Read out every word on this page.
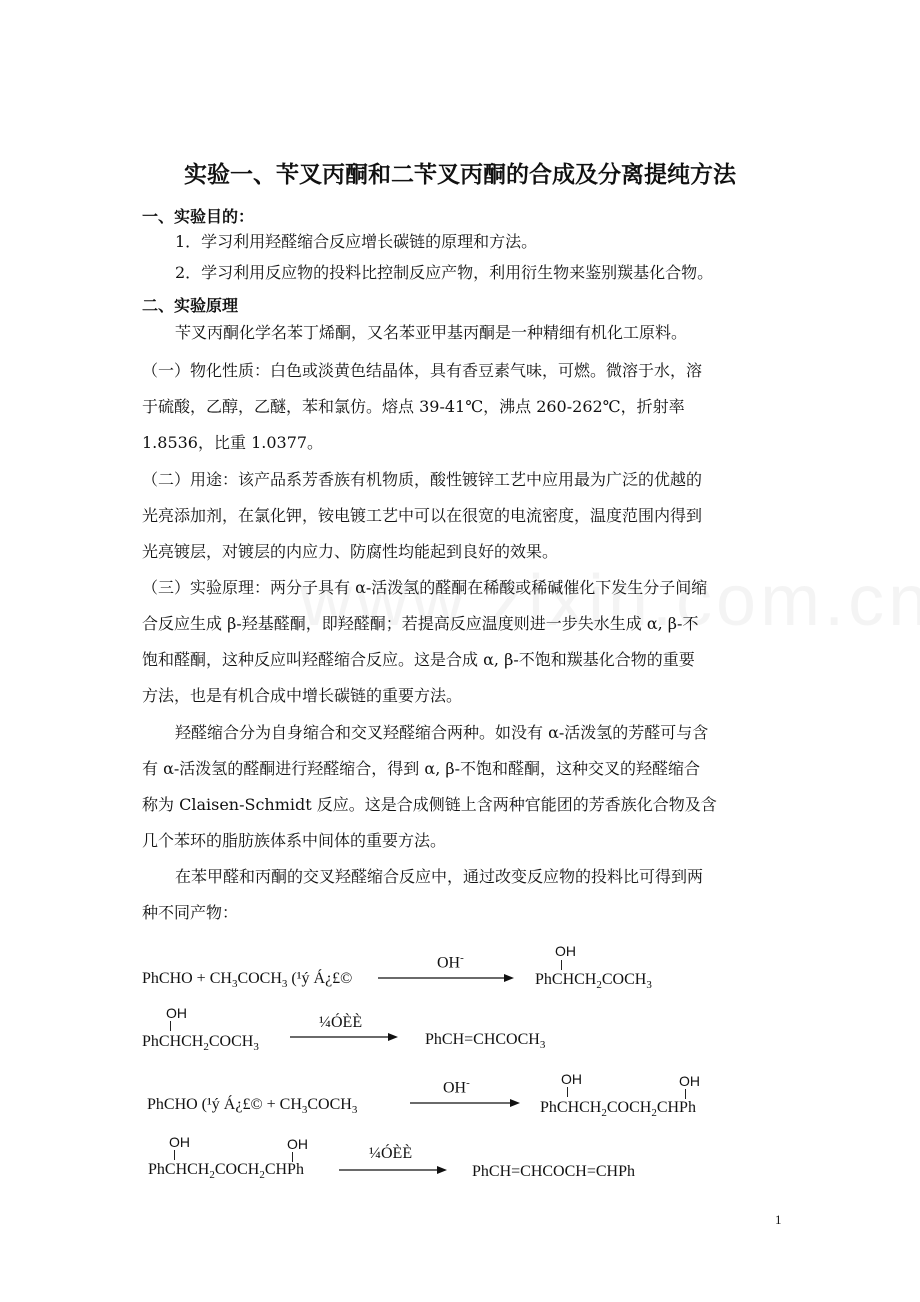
实验一、苄叉丙酮和二苄叉丙酮的合成及分离提纯方法
一、实验目的：
1．学习利用羟醛缩合反应增长碳链的原理和方法。
2．学习利用反应物的投料比控制反应产物，利用衍生物来鉴别羰基化合物。
二、实验原理
苄叉丙酮化学名苯丁烯酮，又名苯亚甲基丙酮是一种精细有机化工原料。
（一）物化性质：白色或淡黄色结晶体，具有香豆素气味，可燃。微溶于水，溶
于硫酸，乙醇，乙醚，苯和氯仿。熔点 39-41℃，沸点 260-262℃，折射率
1.8536，比重 1.0377。
（二）用途：该产品系芳香族有机物质，酸性镀锌工艺中应用最为广泛的优越的
光亮添加剂，在氯化钾，铵电镀工艺中可以在很宽的电流密度，温度范围内得到
光亮镀层，对镀层的内应力、防腐性均能起到良好的效果。
（三）实验原理：两分子具有 α-活泼氢的醛酮在稀酸或稀碱催化下发生分子间缩
合反应生成 β-羟基醛酮，即羟醛酮；若提高反应温度则进一步失水生成 α, β-不
饱和醛酮，这种反应叫羟醛缩合反应。这是合成 α, β-不饱和羰基化合物的重要
方法，也是有机合成中增长碳链的重要方法。
羟醛缩合分为自身缩合和交叉羟醛缩合两种。如没有 α-活泼氢的芳醛可与含
有 α-活泼氢的醛酮进行羟醛缩合，得到 α, β-不饱和醛酮，这种交叉的羟醛缩合
称为 Claisen-Schmidt 反应。这是合成侧链上含两种官能团的芳香族化合物及含
几个苯环的脂肪族体系中间体的重要方法。
在苯甲醛和丙酮的交叉羟醛缩合反应中，通过改变反应物的投料比可得到两
种不同产物：
PhCHO + $CH_3COCH_3$ (¹ý Á¿£©
OH-	OH
$PhCHCH_2COCH_3$
OH
$PhCHCH_2COCH_3$
¼ÓÈÈ
$PhCH=CHCOCH_3$
PhCHO (¹ý Á¿£© + $CH_3COCH_3$
OH-	OH	OH
$PhCHCH_2COCH_2CHPh$
OH	OH
$PhCHCH_2COCH_2CHPh$
¼ÓÈÈ
PhCH=CHCOCH=CHPh
1
